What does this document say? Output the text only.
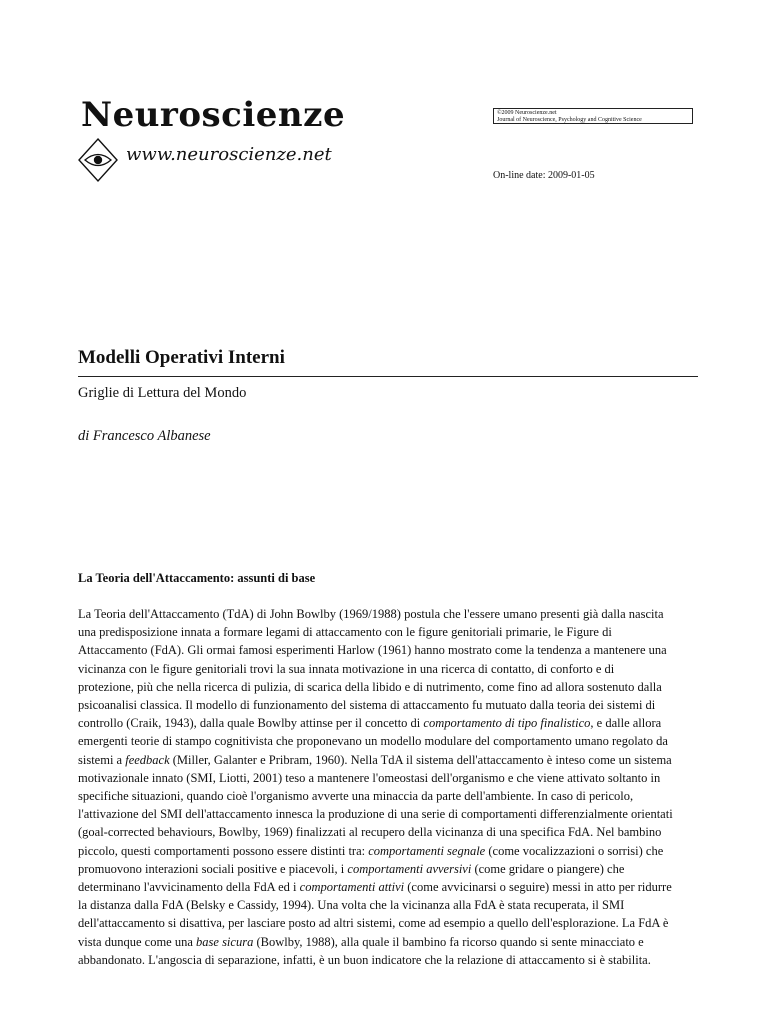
Neuroscienze
www.neuroscienze.net
©2009 Neuroscienze.net
Journal of Neuroscience, Psychology and Cognitive Science
On-line date: 2009-01-05
Modelli Operativi Interni
Griglie di Lettura del Mondo
di Francesco Albanese
La Teoria dell'Attaccamento: assunti di base
La Teoria dell'Attaccamento (TdA) di John Bowlby (1969/1988) postula che l'essere umano presenti già dalla nascita
una predisposizione innata a formare legami di attaccamento con le figure genitoriali primarie, le Figure di
Attaccamento (FdA). Gli ormai famosi esperimenti Harlow (1961) hanno mostrato come la tendenza a mantenere una
vicinanza con le figure genitoriali trovi la sua innata motivazione in una ricerca di contatto, di conforto e di
protezione, più che nella ricerca di pulizia, di scarica della libido e di nutrimento, come fino ad allora sostenuto dalla
psicoanalisi classica. Il modello di funzionamento del sistema di attaccamento fu mutuato dalla teoria dei sistemi di
controllo (Craik, 1943), dalla quale Bowlby attinse per il concetto di comportamento di tipo finalistico, e dalle allora
emergenti teorie di stampo cognitivista che proponevano un modello modulare del comportamento umano regolato da
sistemi a feedback (Miller, Galanter e Pribram, 1960). Nella TdA il sistema dell'attaccamento è inteso come un sistema
motivazionale innato (SMI, Liotti, 2001) teso a mantenere l'omeostasi dell'organismo e che viene attivato soltanto in
specifiche situazioni, quando cioè l'organismo avverte una minaccia da parte dell'ambiente. In caso di pericolo,
l'attivazione del SMI dell'attaccamento innesca la produzione di una serie di comportamenti differenzialmente orientati
(goal-corrected behaviours, Bowlby, 1969) finalizzati al recupero della vicinanza di una specifica FdA. Nel bambino
piccolo, questi comportamenti possono essere distinti tra: comportamenti segnale (come vocalizzazioni o sorrisi) che
promuovono interazioni sociali positive e piacevoli, i comportamenti avversivi (come gridare o piangere) che
determinano l'avvicinamento della FdA ed i comportamenti attivi (come avvicinarsi o seguire) messi in atto per ridurre
la distanza dalla FdA (Belsky e Cassidy, 1994). Una volta che la vicinanza alla FdA è stata recuperata, il SMI
dell'attaccamento si disattiva, per lasciare posto ad altri sistemi, come ad esempio a quello dell'esplorazione. La FdA è
vista dunque come una base sicura (Bowlby, 1988), alla quale il bambino fa ricorso quando si sente minacciato e
abbandonato. L'angoscia di separazione, infatti, è un buon indicatore che la relazione di attaccamento si è stabilita.
